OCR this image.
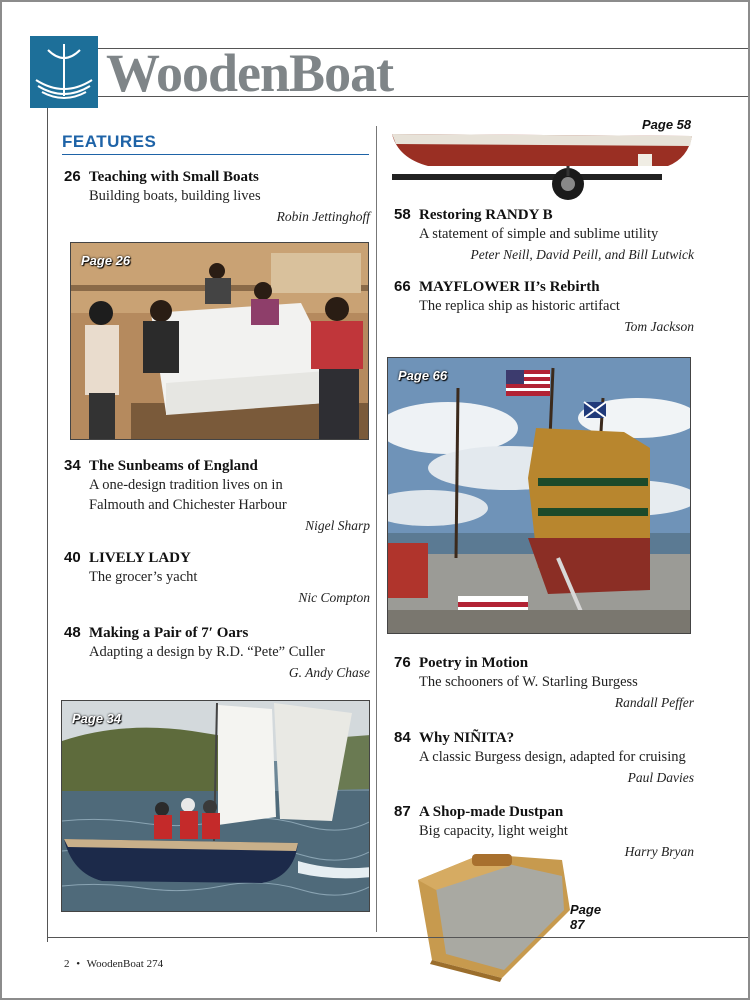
WoodenBoat
FEATURES
26 Teaching with Small Boats
Building boats, building lives
Robin Jettinghoff
Page 26
34 The Sunbeams of England
A one-design tradition lives on in
Falmouth and Chichester Harbour
Nigel Sharp
40 LIVELY LADY
The grocer’s yacht
Nic Compton
48 Making a Pair of 7′ Oars
Adapting a design by R.D. “Pete” Culler
G. Andy Chase
Page 34
Page 58
58 Restoring RANDY B
A statement of simple and sublime utility
Peter Neill, David Peill, and Bill Lutwick
66 MAYFLOWER II’s Rebirth
The replica ship as historic artifact
Tom Jackson
Page 66
76 Poetry in Motion
The schooners of W. Starling Burgess
Randall Peffer
84 Why NIÑITA?
A classic Burgess design, adapted for cruising
Paul Davies
87 A Shop-made Dustpan
Big capacity, light weight
Harry Bryan
Page 87
2 • WoodenBoat 274
